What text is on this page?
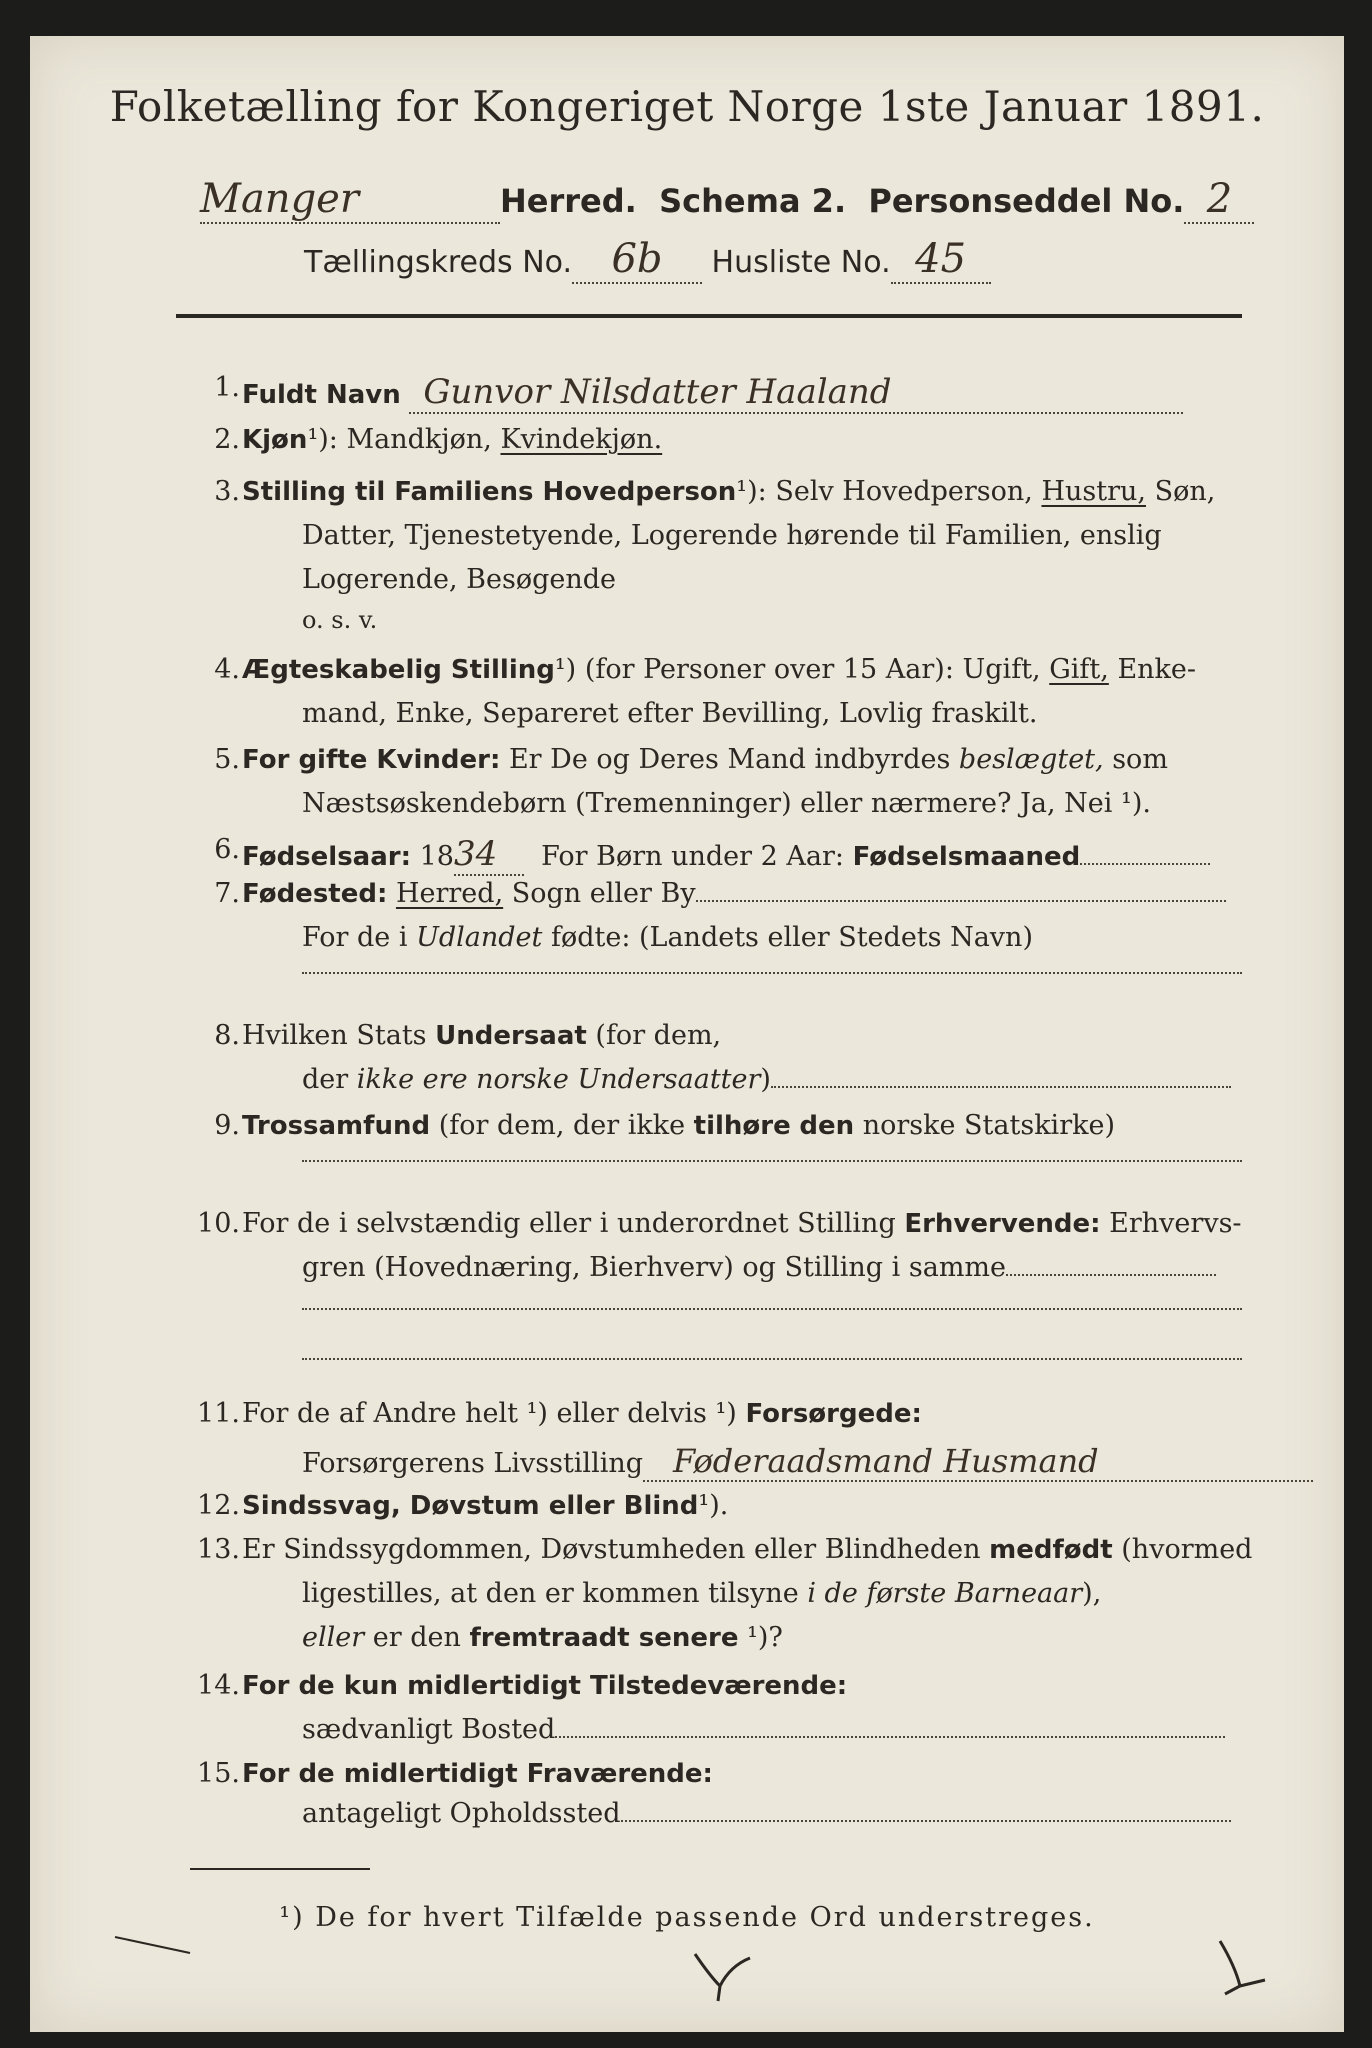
Folketælling for Kongeriget Norge 1ste Januar 1891.
Manger	Herred. Schema 2. Personseddel No. 2
Tællingskreds No. 6b Husliste No. 45
1. Fuldt Navn Gunvor Nilsdatter Haaland
2. Kjøn¹): Mandkjøn, Kvindekjøn.
3. Stilling til Familiens Hovedperson¹): Selv Hovedperson, Hustru, Søn,
Datter, Tjenestetyende, Logerende hørende til Familien, enslig
Logerende, Besøgende
o. s. v.
4. Ægteskabelig Stilling¹) (for Personer over 15 Aar): Ugift, Gift, Enke-
mand, Enke, Separeret efter Bevilling, Lovlig fraskilt.
5. For gifte Kvinder: Er De og Deres Mand indbyrdes beslægtet, som
Næstsøskendebørn (Tremenninger) eller nærmere? Ja, Nei ¹).
6. Fødselsaar: 1834 For Børn under 2 Aar: Fødselsmaaned
7. Fødested: Herred, Sogn eller By
For de i Udlandet fødte: (Landets eller Stedets Navn)
8. Hvilken Stats Undersaat (for dem,
der ikke ere norske Undersaatter)
9. Trossamfund (for dem, der ikke tilhøre den norske Statskirke)
10. For de i selvstændig eller i underordnet Stilling Erhvervende: Erhvervs-
gren (Hovednæring, Bierhverv) og Stilling i samme
11. For de af Andre helt ¹) eller delvis ¹) Forsørgede:
Forsørgerens Livsstilling Føderaadsmand Husmand
12. Sindssvag, Døvstum eller Blind¹).
13. Er Sindssygdommen, Døvstumheden eller Blindheden medfødt (hvormed
ligestilles, at den er kommen tilsyne i de første Barneaar),
eller er den fremtraadt senere ¹)?
14. For de kun midlertidigt Tilstedeværende:
sædvanligt Bosted
15. For de midlertidigt Fraværende:
antageligt Opholdssted
¹) De for hvert Tilfælde passende Ord understreges.
